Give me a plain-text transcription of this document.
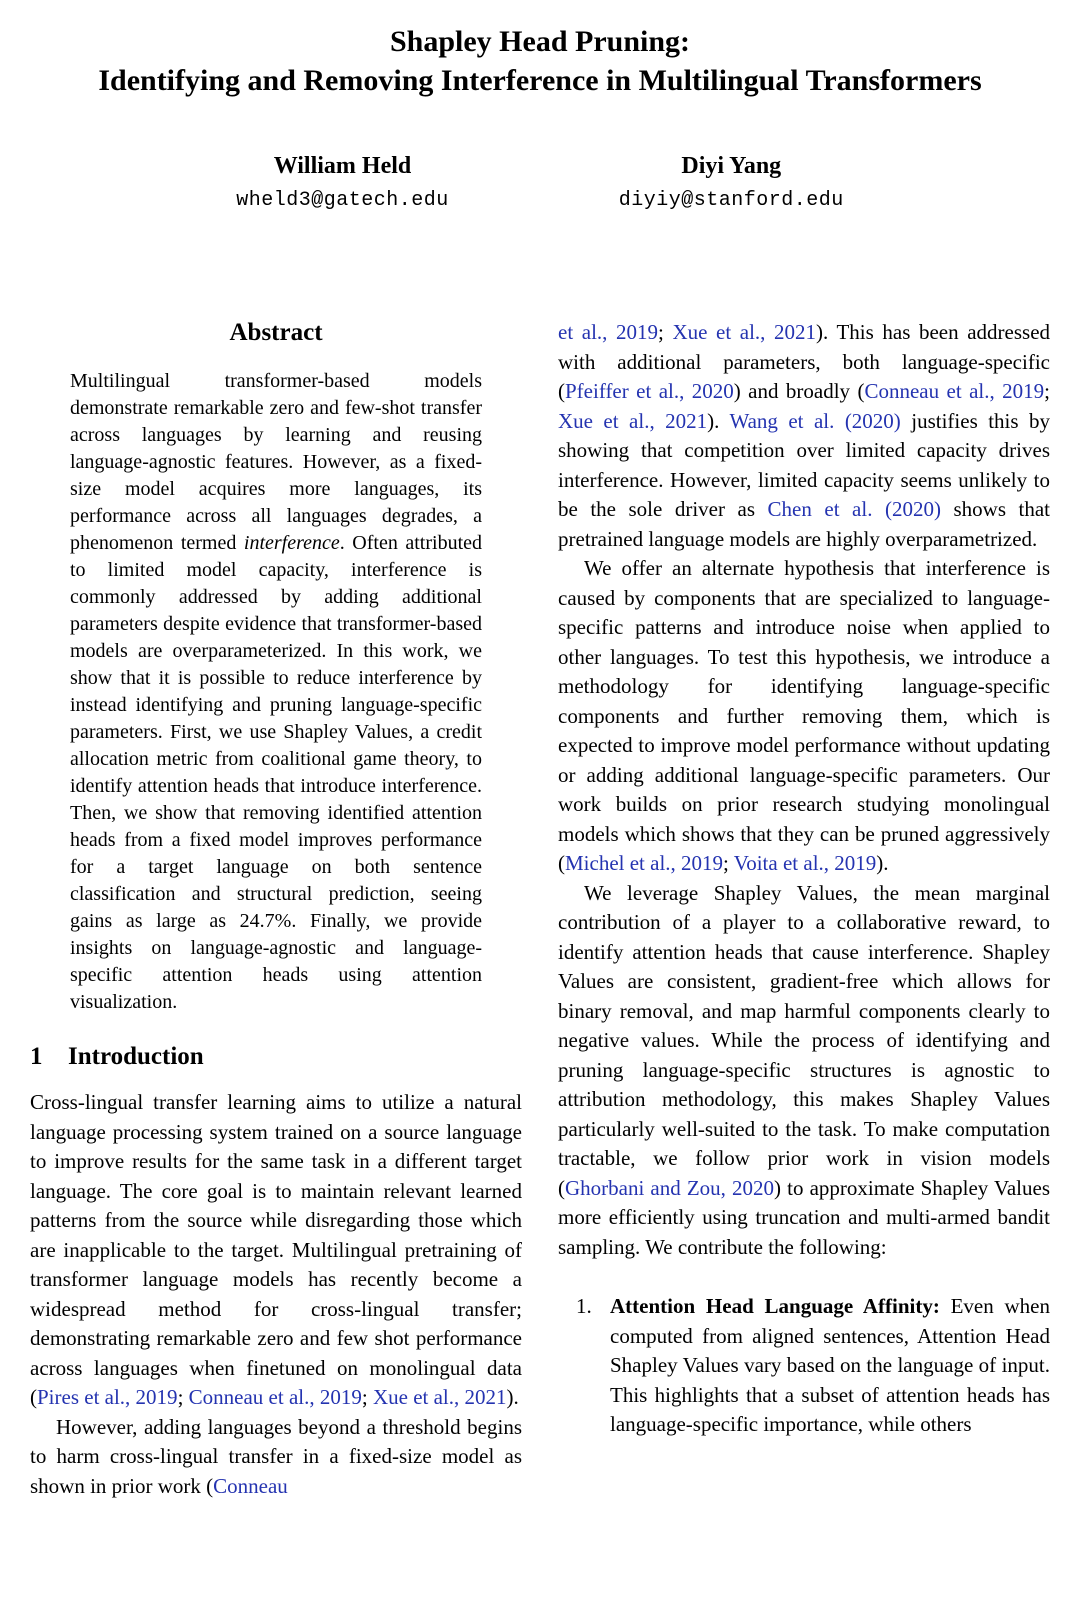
Shapley Head Pruning:
Identifying and Removing Interference in Multilingual Transformers
William Held
wheld3@gatech.edu
Diyi Yang
diyiy@stanford.edu
Abstract

Multilingual transformer-based models demonstrate remarkable zero and few-shot transfer across languages by learning and reusing language-agnostic features. However, as a fixed-size model acquires more languages, its performance across all languages degrades, a phenomenon termed interference. Often attributed to limited model capacity, interference is commonly addressed by adding additional parameters despite evidence that transformer-based models are overparameterized. In this work, we show that it is possible to reduce interference by instead identifying and pruning language-specific parameters. First, we use Shapley Values, a credit allocation metric from coalitional game theory, to identify attention heads that introduce interference. Then, we show that removing identified attention heads from a fixed model improves performance for a target language on both sentence classification and structural prediction, seeing gains as large as 24.7%. Finally, we provide insights on language-agnostic and language-specific attention heads using attention visualization.

1 Introduction

Cross-lingual transfer learning aims to utilize a natural language processing system trained on a source language to improve results for the same task in a different target language. The core goal is to maintain relevant learned patterns from the source while disregarding those which are inapplicable to the target. Multilingual pretraining of transformer language models has recently become a widespread method for cross-lingual transfer; demonstrating remarkable zero and few shot performance across languages when finetuned on monolingual data (Pires et al., 2019; Conneau et al., 2019; Xue et al., 2021).

However, adding languages beyond a threshold begins to harm cross-lingual transfer in a fixed-size model as shown in prior work (Conneau

et al., 2019; Xue et al., 2021). This has been addressed with additional parameters, both language-specific (Pfeiffer et al., 2020) and broadly (Conneau et al., 2019; Xue et al., 2021). Wang et al. (2020) justifies this by showing that competition over limited capacity drives interference. However, limited capacity seems unlikely to be the sole driver as Chen et al. (2020) shows that pretrained language models are highly overparametrized.

We offer an alternate hypothesis that interference is caused by components that are specialized to language-specific patterns and introduce noise when applied to other languages. To test this hypothesis, we introduce a methodology for identifying language-specific components and further removing them, which is expected to improve model performance without updating or adding additional language-specific parameters. Our work builds on prior research studying monolingual models which shows that they can be pruned aggressively (Michel et al., 2019; Voita et al., 2019).

We leverage Shapley Values, the mean marginal contribution of a player to a collaborative reward, to identify attention heads that cause interference. Shapley Values are consistent, gradient-free which allows for binary removal, and map harmful components clearly to negative values. While the process of identifying and pruning language-specific structures is agnostic to attribution methodology, this makes Shapley Values particularly well-suited to the task. To make computation tractable, we follow prior work in vision models (Ghorbani and Zou, 2020) to approximate Shapley Values more efficiently using truncation and multi-armed bandit sampling. We contribute the following:

1. Attention Head Language Affinity: Even when computed from aligned sentences, Attention Head Shapley Values vary based on the language of input. This highlights that a subset of attention heads has language-specific importance, while others
